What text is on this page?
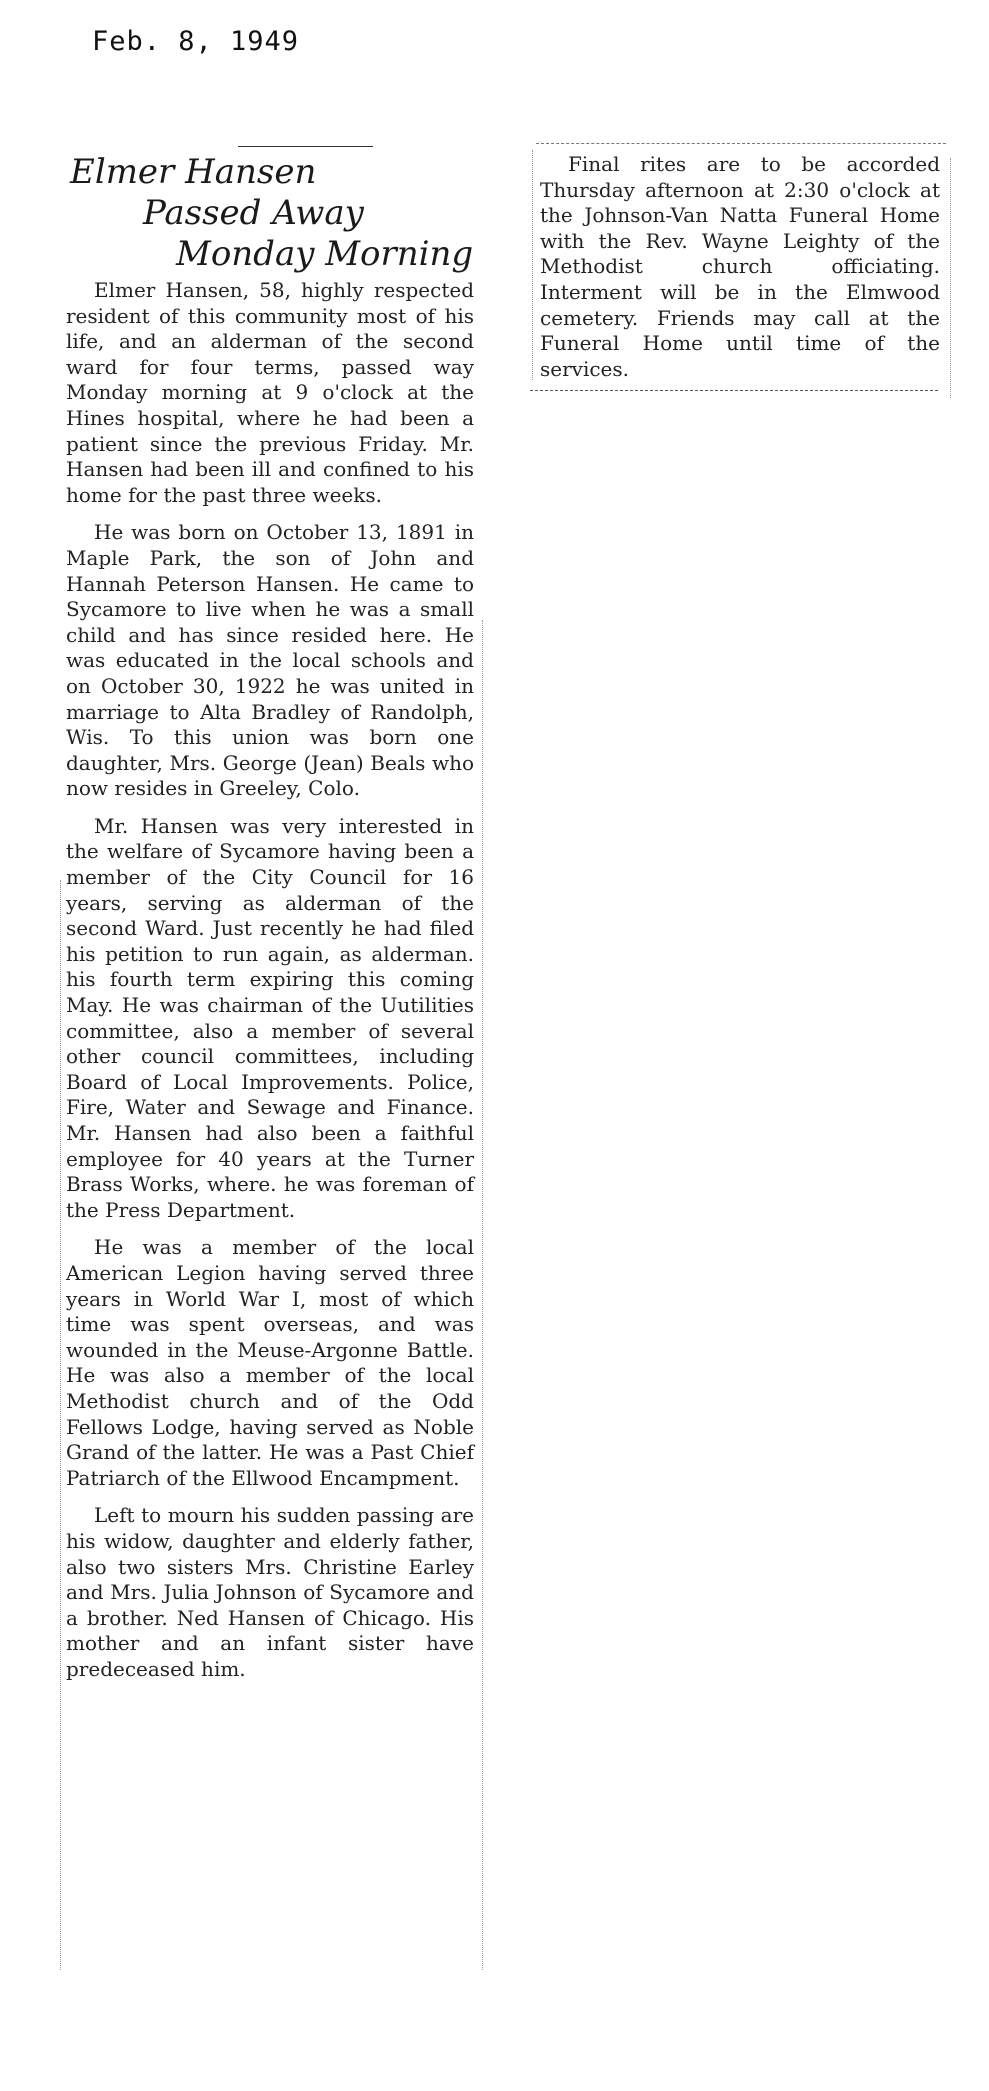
Feb. 8, 1949
Elmer Hansen
Passed Away
Monday Morning

Elmer Hansen, 58, highly respected resident of this community most of his life, and an alderman of the second ward for four terms, passed way Monday morning at 9 o'clock at the Hines hospital, where he had been a patient since the previous Friday. Mr. Hansen had been ill and confined to his home for the past three weeks.

He was born on October 13, 1891 in Maple Park, the son of John and Hannah Peterson Hansen. He came to Sycamore to live when he was a small child and has since resided here. He was educated in the local schools and on October 30, 1922 he was united in marriage to Alta Bradley of Randolph, Wis. To this union was born one daughter, Mrs. George (Jean) Beals who now resides in Greeley, Colo.

Mr. Hansen was very interested in the welfare of Sycamore having been a member of the City Council for 16 years, serving as alderman of the second Ward. Just recently he had filed his petition to run again, as alderman. his fourth term expiring this coming May. He was chairman of the Uutilities committee, also a member of several other council committees, including Board of Local Improvements. Police, Fire, Water and Sewage and Finance. Mr. Hansen had also been a faithful employee for 40 years at the Turner Brass Works, where. he was foreman of the Press Department.

He was a member of the local American Legion having served three years in World War I, most of which time was spent overseas, and was wounded in the Meuse-Argonne Battle. He was also a member of the local Methodist church and of the Odd Fellows Lodge, having served as Noble Grand of the latter. He was a Past Chief Patriarch of the Ellwood Encampment.

Left to mourn his sudden passing are his widow, daughter and elderly father, also two sisters Mrs. Christine Earley and Mrs. Julia Johnson of Sycamore and a brother. Ned Hansen of Chicago. His mother and an infant sister have predeceased him.

Final rites are to be accorded Thursday afternoon at 2:30 o'clock at the Johnson-Van Natta Funeral Home with the Rev. Wayne Leighty of the Methodist church officiating. Interment will be in the Elmwood cemetery. Friends may call at the Funeral Home until time of the services.
